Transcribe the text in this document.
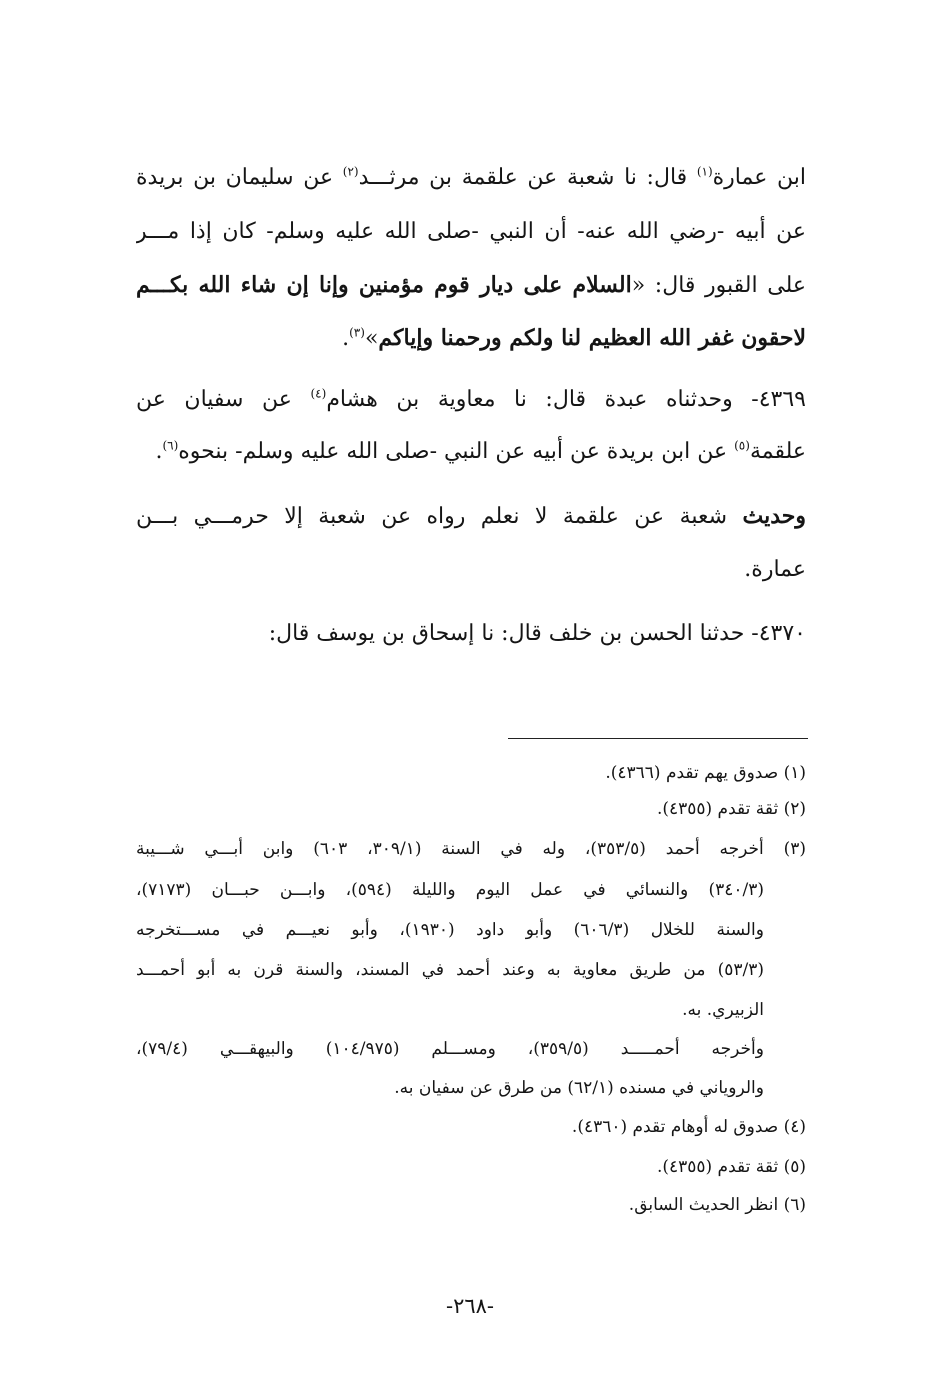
ابن عمارة$^{(١)}$ قال: نا شعبة عن علقمة بن مرثـــد$^{(٢)}$ عن سليمان بن بريدة
عن أبيه -رضي الله عنه- أن النبي -صلى الله عليه وسلم- كان إذا مـــر
على القبور قال: «السلام على ديار قوم مؤمنين وإنا إن شاء الله بكـــم
لاحقون غفر الله العظيم لنا ولكم ورحمنا وإياكم»$^{(٣)}$.
٤٣٦٩- وحدثناه عبدة قال: نا معاوية بن هشام$^{(٤)}$ عن سفيان عن
علقمة$^{(٥)}$ عن ابن بريدة عن أبيه عن النبي -صلى الله عليه وسلم- بنحوه$^{(٦)}$.
وحديث شعبة عن علقمة لا نعلم رواه عن شعبة إلا حرمـــي بـــن
عمارة.
٤٣٧٠- حدثنا الحسن بن خلف قال: نا إسحاق بن يوسف قال:
(١) صدوق يهم تقدم (٤٣٦٦).
(٢) ثقة تقدم (٤٣٥٥).
(٣) أخرجه أحمد (٣٥٣/٥)، وله في السنة (٣٠٩/١، ٦٠٣) وابن أبـــي شـــيبة
(٣٤٠/٣) والنسائي في عمل اليوم والليلة (٥٩٤)، وابـــن حبـــان (٧١٧٣)،
والسنة للخلال (٦٠٦/٣) وأبو داود (١٩٣٠)، وأبو نعيـــم في مســـتخرجه
(٥٣/٣) من طريق معاوية به وعند أحمد في المسند، والسنة قرن به أبو أحمـــد
الزبيري. به.
وأخرجه أحمـــــد (٣٥٩/٥)، ومســـلم (١٠٤/٩٧٥) والبيهقـــي (٧٩/٤)،
والروياني في مسنده (٦٢/١) من طرق عن سفيان به.
(٤) صدوق له أوهام تقدم (٤٣٦٠).
(٥) ثقة تقدم (٤٣٥٥).
(٦) انظر الحديث السابق.
-٢٦٨-
